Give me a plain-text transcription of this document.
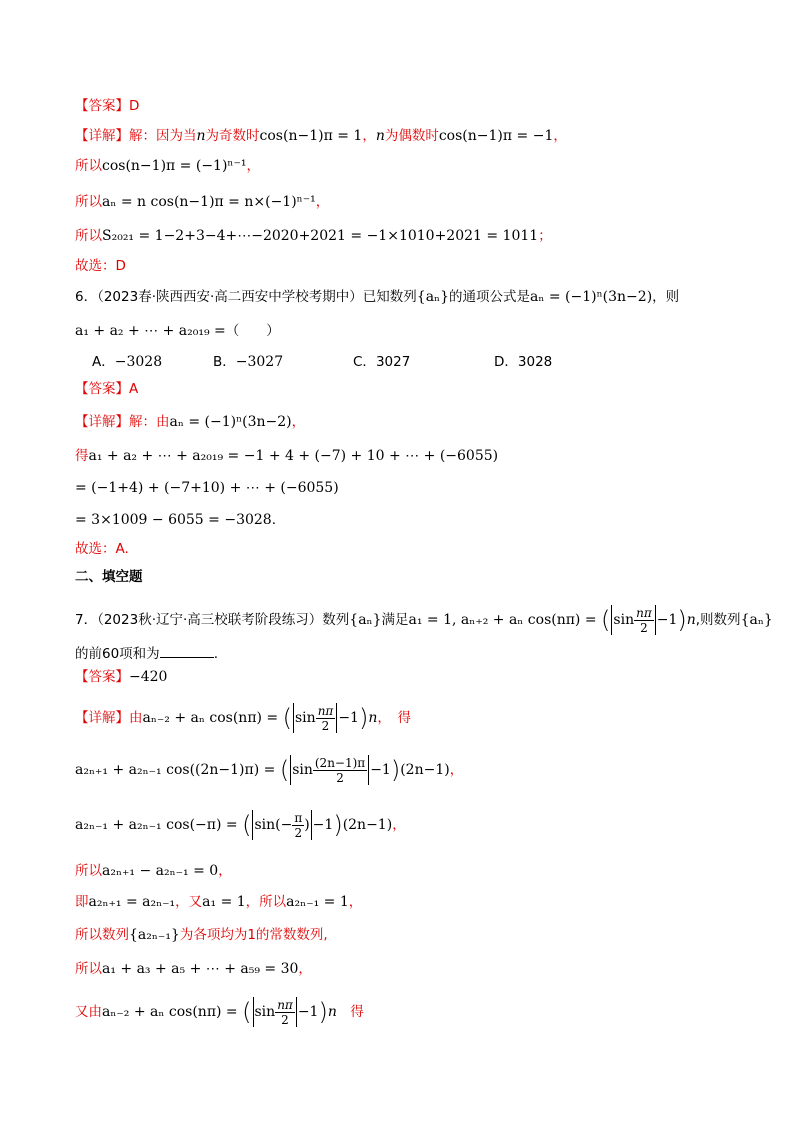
【答案】D
【详解】解：因为当n为奇数时cos(n−1)π = 1，n为偶数时cos(n−1)π = −1，
所以cos(n−1)π = (−1)ⁿ⁻¹，
所以aₙ = n cos(n−1)π = n×(−1)ⁿ⁻¹，
所以S₂₀₂₁ = 1−2+3−4+⋯−2020+2021 = −1×1010+2021 = 1011；
故选：D
6．（2023春·陕西西安·高二西安中学校考期中）已知数列{aₙ}的通项公式是aₙ = (−1)ⁿ(3n−2)，则
a₁ + a₂ + ⋯ + a₂₀₁₉ =（　　）
A．−3028	B．−3027	C．3027	D．3028
【答案】A
【详解】解：由aₙ = (−1)ⁿ(3n−2)，
得a₁ + a₂ + ⋯ + a₂₀₁₉ = −1 + 4 + (−7) + 10 + ⋯ + (−6055)
= (−1+4) + (−7+10) + ⋯ + (−6055)
= 3×1009 − 6055 = −3028.
故选：A.
二、填空题
7．（2023秋·辽宁·高三校联考阶段练习）数列{aₙ}满足a₁ = 1, aₙ₊₂ + aₙ cos(nπ) = ( $\sin \frac{n\pi}{2} -1)n$,则数列{aₙ}
的前60项和为	.
【答案】−420
【详解】由aₙ₋₂ + aₙ cos(nπ) = ( $\sin \frac{n\pi}{2} -1)n$，　得
a₂ₙ₊₁ + a₂ₙ₋₁ cos((2n−1)π) = ( $\sin \frac{(2n-1)\pi}{2} -1)(2n-1)$，
a₂ₙ₋₁ + a₂ₙ₋₁ cos(−π) = ( $\sin(- \frac{\pi}{2}$ ) −1)(2n−1)，
所以a₂ₙ₊₁ − a₂ₙ₋₁ = 0，
即a₂ₙ₊₁ = a₂ₙ₋₁，又a₁ = 1，所以a₂ₙ₋₁ = 1，
所以数列{a₂ₙ₋₁}为各项均为1的常数数列,
所以a₁ + a₃ + a₅ + ⋯ + a₅₉ = 30，
又由aₙ₋₂ + aₙ cos(nπ) = ( $\sin \frac{n\pi}{2} -1)n$　得
